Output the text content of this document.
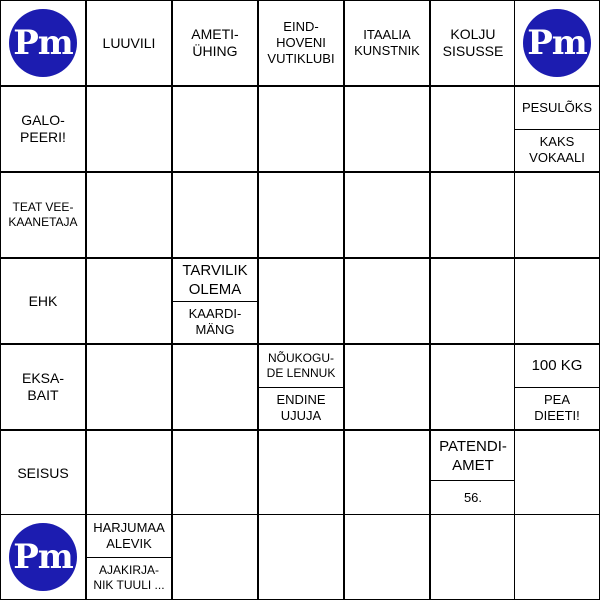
Pm	LUUVILI
AMETI-
ÜHING
EIND-
HOVENI
VUTIKLUBI
ITAALIA
KUNSTNIK
KOLJU
SISUSSE Pm
GALO-
PEERI!
PESULÕKS
KAKS
VOKAALI
TEAT VEE-
KAANETAJA
EHK
TARVILIK
OLEMA
KAARDI-
MÄNG
EKSA-
BAIT
NÕUKOGU-
DE LENNUK
ENDINE
UJUJA
100 KG
PEA
DIEETI!
SEISUS
PATENDI-
AMET
56.
Pm
HARJUMAA
ALEVIK
AJAKIRJA-
NIK TUULI ...
